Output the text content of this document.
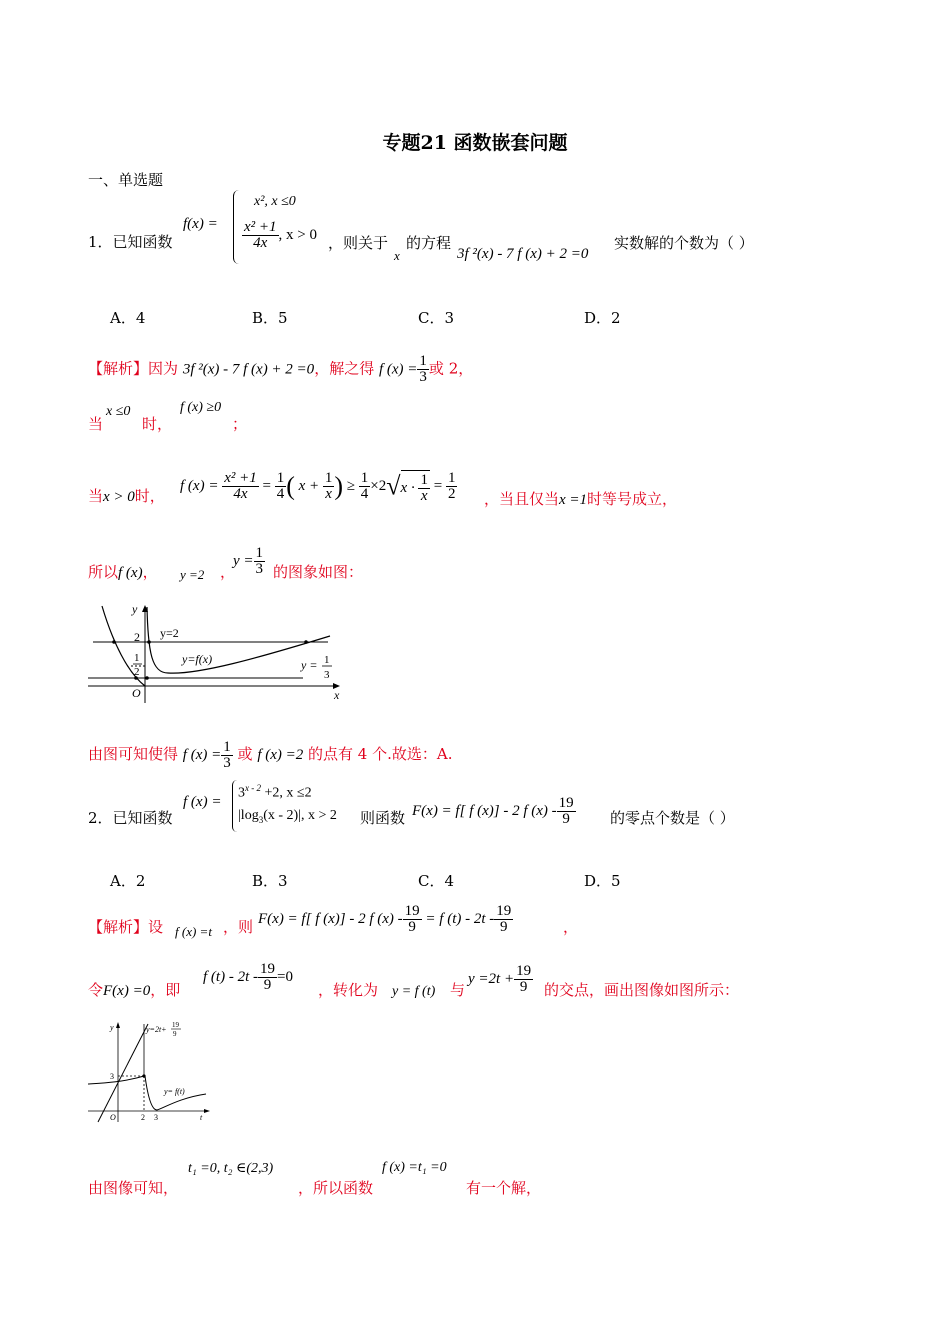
专题21 函数嵌套问题
一、单选题
1．已知函数
f(x) =
x², x ≤0
$\frac{\text{x² +1}}{4x}$ , x > 0 ，则关于
x
的方程
3f ²(x) - 7 f (x) + 2 =0
实数解的个数为（ ）
A．4	B．5	C．3	D．2
【解析】因为 3f ²(x) - 7 f (x) + 2 =0，解之得 f $(x) = \frac{1}{3}$ 或 2，
当
x ≤0
时，
f (x) ≥0
；
当x > 0时，
f $(x) = \frac{\text{x² +1}}{4x} = \frac{1}{4}$ ( $x + \frac{1}{x}$ ) ≥ $\frac{1}{4} \times 2√x \cdot \frac{1}{x} = \frac{1}{2}$ ，当且仅当x =1时等号成立，
所以f (x)， y =2 ，
$y = \frac{1}{3}$ 的图象如图：
y
x
O
2
1
2
y=2
y=f(x)	y = 1
3
由图可知使得 f $(x) = \frac{1}{3}$ 或 f (x) =2 的点有 4 个.故选：A.
2．已知函数
f (x) =
$3^{x - 2} +2$, x ≤2
$|\log_3(x - 2)|$, x > 2 则函数 F(x) = f[ f (x)] - 2 f $(x) - \frac{19}{9}$ 的零点个数是（ ）
A．2	B．3	C．4	D．5
【解析】设 f (x) =t ，则 F(x) = f[ f (x)] - 2 f $(x) - \frac{19}{9} = f$ $(t) - 2t - \frac{19}{9}$	，
令F(x) =0，即
f $(t) - 2t - \frac{19}{9} =0$
，转化为 y = f (t) 与
$y =2t + \frac{19}{9}$ 的交点，画出图像如图所示：
y
t
O
3
2 3
y=2t+ 19
9
y= f(t)
由图像可知，
t₁ =0, t₂ ∈(2,3)
，所以函数
f (x) =t₁ =0
有一个解，
